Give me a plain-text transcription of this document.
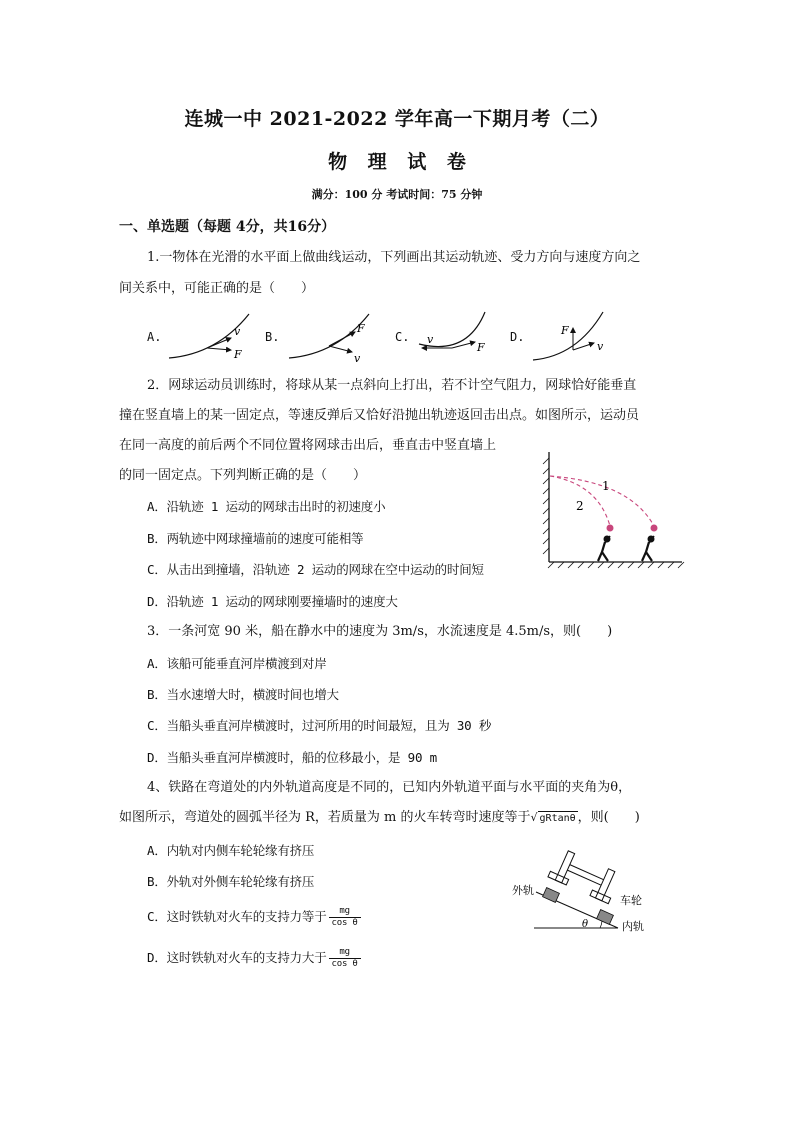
连城一中 2021-2022 学年高一下期月考（二）
物 理 试 卷
满分：100 分 考试时间：75 分钟
一、单选题（每题 4分，共16分）
1.一物体在光滑的水平面上做曲线运动，下列画出其运动轨迹、受力方向与速度方向之
间关系中，可能正确的是（　　）
A.	B.	C.	D.
v
F
F
v
v
F
F
v
2．网球运动员训练时，将球从某一点斜向上打出，若不计空气阻力，网球恰好能垂直
撞在竖直墙上的某一固定点，等速反弹后又恰好沿抛出轨迹返回击出点。如图所示，运动员
在同一高度的前后两个不同位置将网球击出后，垂直击中竖直墙上
的同一固定点。下列判断正确的是（　　）
A．沿轨迹 1 运动的网球击出时的初速度小
B．两轨迹中网球撞墙前的速度可能相等
C．从击出到撞墙，沿轨迹 2 运动的网球在空中运动的时间短
D．沿轨迹 1 运动的网球刚要撞墙时的速度大
1
2
3．一条河宽 90 米，船在静水中的速度为 3m/s，水流速度是 4.5m/s，则(　　)
A．该船可能垂直河岸横渡到对岸
B．当水速增大时，横渡时间也增大
C．当船头垂直河岸横渡时，过河所用的时间最短，且为 30 秒
D．当船头垂直河岸横渡时，船的位移最小，是 90 m
4、铁路在弯道处的内外轨道高度是不同的，已知内外轨道平面与水平面的夹角为θ，
如图所示，弯道处的圆弧半径为 R，若质量为 m 的火车转弯时速度等于√ gRtanθ ，则(　　)
A．内轨对内侧车轮轮缘有挤压
B．外轨对外侧车轮轮缘有挤压
C．这时铁轨对火车的支持力等于 $\frac{mg}{\text{cos θ}}$
D．这时铁轨对火车的支持力大于 $\frac{mg}{\text{cos θ}}$
θ
外轨
车轮
内轨
